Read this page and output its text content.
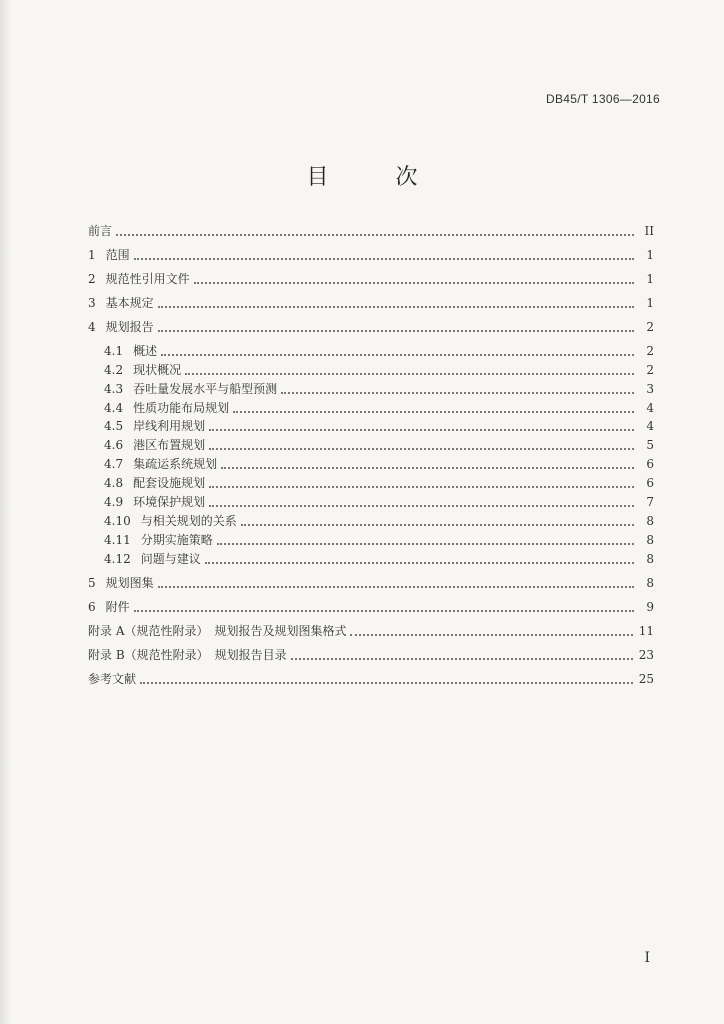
DB45/T 1306—2016
目 次
前言	II
1 范围	1
2 规范性引用文件	1
3 基本规定	1
4 规划报告	2
4.1 概述	2
4.2 现状概况	2
4.3 吞吐量发展水平与船型预测	3
4.4 性质功能布局规划	4
4.5 岸线利用规划	4
4.6 港区布置规划	5
4.7 集疏运系统规划	6
4.8 配套设施规划	6
4.9 环境保护规划	7
4.10 与相关规划的关系	8
4.11 分期实施策略	8
4.12 问题与建议	8
5 规划图集	8
6 附件	9
附录 A（规范性附录）　规划报告及规划图集格式	11
附录 B（规范性附录）　规划报告目录	23
参考文献	25
I
